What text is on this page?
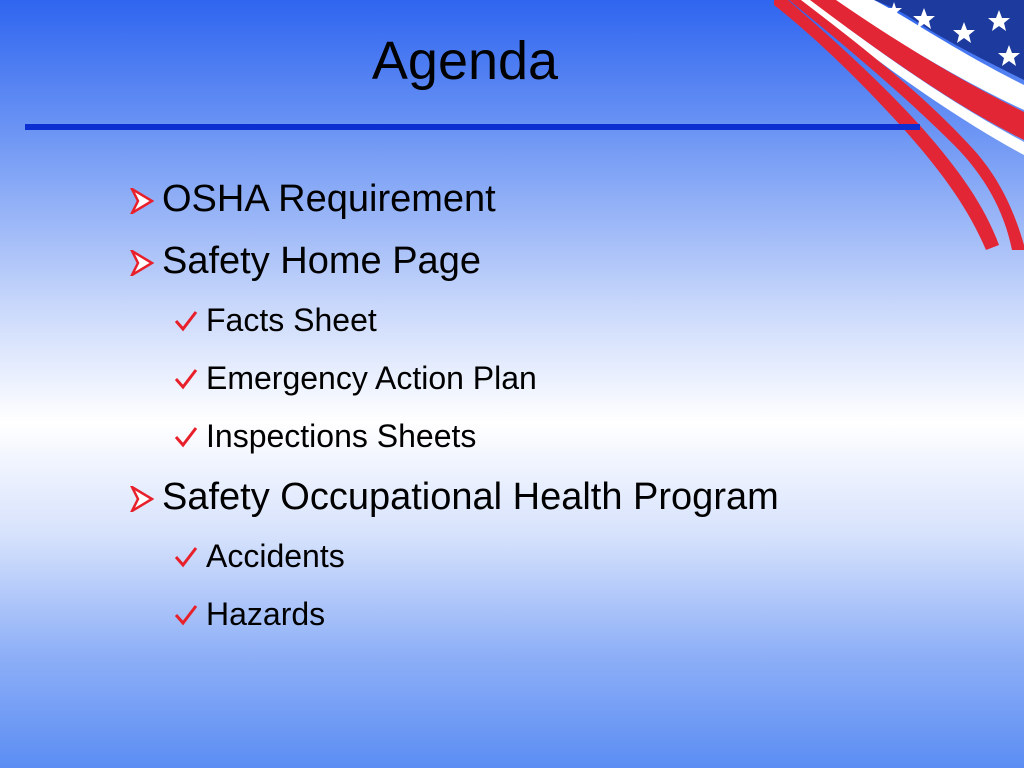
Agenda
OSHA Requirement
Safety Home Page
Facts Sheet
Emergency Action Plan
Inspections Sheets
Safety Occupational Health Program
Accidents
Hazards
